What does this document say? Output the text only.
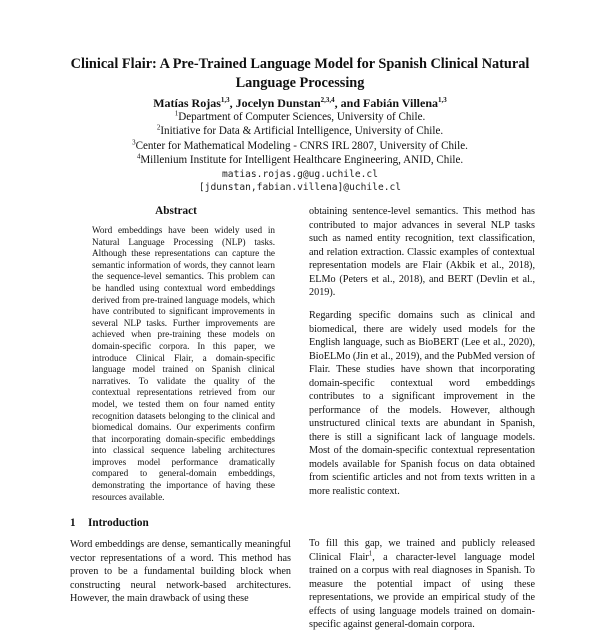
Clinical Flair: A Pre-Trained Language Model for Spanish Clinical Natural Language Processing
Matías Rojas$^{1,3}$, Jocelyn Dunstan$^{2,3,4}$, and Fabián Villena$^{1,3}$
$^1$Department of Computer Sciences, University of Chile.
$^2$Initiative for Data & Artificial Intelligence, University of Chile.
$^3$Center for Mathematical Modeling - CNRS IRL 2807, University of Chile.
$^4$Millenium Institute for Intelligent Healthcare Engineering, ANID, Chile.
matias.rojas.g@ug.uchile.cl
[jdunstan,fabian.villena]@uchile.cl
Abstract
Word embeddings have been widely used in Natural Language Processing (NLP) tasks. Although these representations can capture the semantic information of words, they cannot learn the sequence-level semantics. This problem can be handled using contextual word embeddings derived from pre-trained language models, which have contributed to significant improvements in several NLP tasks. Further improvements are achieved when pre-training these models on domain-specific corpora. In this paper, we introduce Clinical Flair, a domain-specific language model trained on Spanish clinical narratives. To validate the quality of the contextual representations retrieved from our model, we tested them on four named entity recognition datasets belonging to the clinical and biomedical domains. Our experiments confirm that incorporating domain-specific embeddings into classical sequence labeling architectures improves model performance dramatically compared to general-domain embeddings, demonstrating the importance of having these resources available.
1 Introduction
Word embeddings are dense, semantically meaningful vector representations of a word. This method has proven to be a fundamental building block when constructing neural network-based architectures. However, the main drawback of using these
obtaining sentence-level semantics. This method has contributed to major advances in several NLP tasks such as named entity recognition, text classification, and relation extraction. Classic examples of contextual representation models are Flair (Akbik et al., 2018), ELMo (Peters et al., 2018), and BERT (Devlin et al., 2019).
Regarding specific domains such as clinical and biomedical, there are widely used models for the English language, such as BioBERT (Lee et al., 2020), BioELMo (Jin et al., 2019), and the PubMed version of Flair. These studies have shown that incorporating domain-specific contextual word embeddings contributes to a significant improvement in the performance of the models. However, although unstructured clinical texts are abundant in Spanish, there is still a significant lack of language models. Most of the domain-specific contextual representation models available for Spanish focus on data obtained from scientific articles and not from texts written in a more realistic context.
To fill this gap, we trained and publicly released Clinical Flair$^1$, a character-level language model trained on a corpus with real diagnoses in Spanish. To measure the potential impact of using these representations, we provide an empirical study of the effects of using language models trained on domain-specific against general-domain corpora.
